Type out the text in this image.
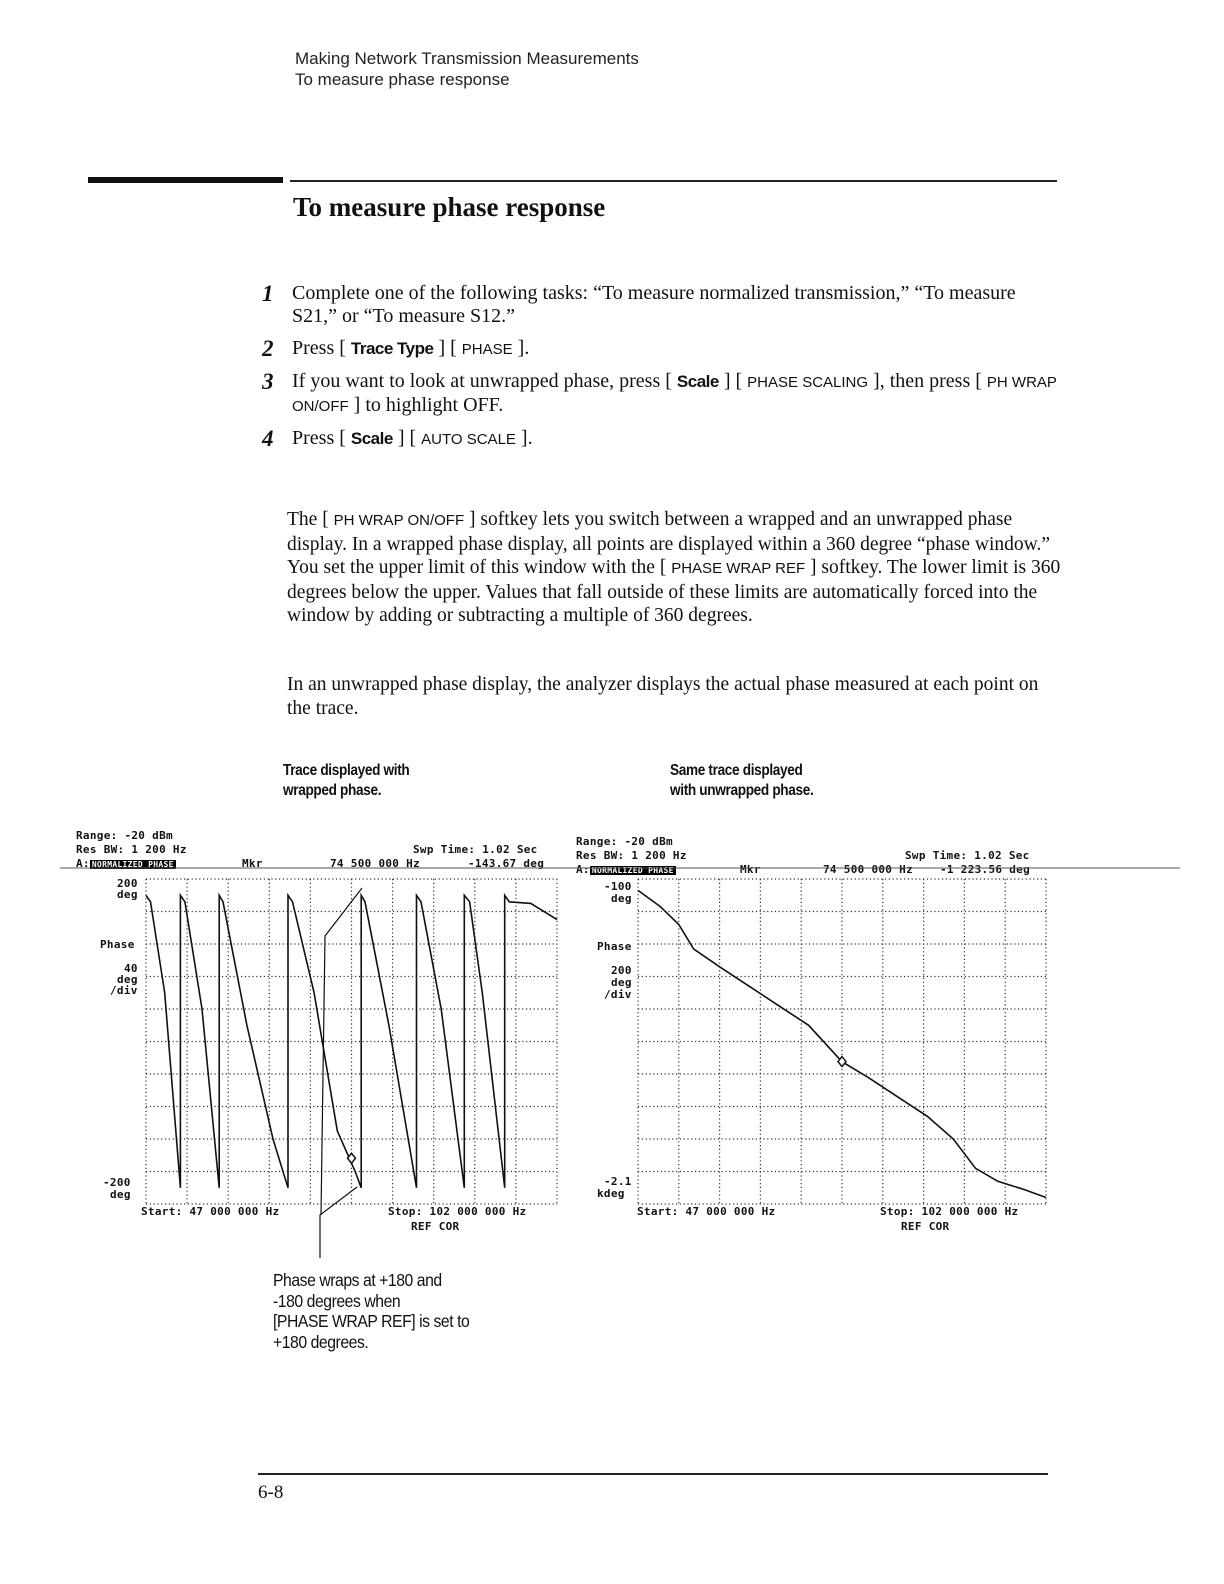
Making Network Transmission Measurements
To measure phase response
To measure phase response
1 Complete one of the following tasks: “To measure normalized transmission,” “To measure S21,” or “To measure S12.”
2 Press [ Trace Type ] [ PHASE ].
3 If you want to look at unwrapped phase, press [ Scale ] [ PHASE SCALING ], then press [ PH WRAP ON/OFF ] to highlight OFF.
4 Press [ Scale ] [ AUTO SCALE ].
The [ PH WRAP ON/OFF ] softkey lets you switch between a wrapped and an unwrapped phase display. In a wrapped phase display, all points are displayed within a 360 degree “phase window.” You set the upper limit of this window with the [ PHASE WRAP REF ] softkey. The lower limit is 360 degrees below the upper. Values that fall outside of these limits are automatically forced into the window by adding or subtracting a multiple of 360 degrees.
In an unwrapped phase display, the analyzer displays the actual phase measured at each point on the trace.
Trace displayed with
wrapped phase.
Same trace displayed
with unwrapped phase.
Range: -20 dBm
Res BW: 1 200 Hz	Swp Time: 1.02 Sec
A: NORMALIZED PHASE	Mkr	74 500 000 Hz	-143.67 deg
200
deg
Phase
40
deg
/div
-200
deg
Start: 47 000 000 Hz	Stop: 102 000 000 Hz
REF COR
Range: -20 dBm
Res BW: 1 200 Hz	Swp Time: 1.02 Sec
A: NORMALIZED PHASE	Mkr	74 500 000 Hz -1 223.56 deg
-100
deg
Phase
200
deg
/div
-2.1
kdeg
Start: 47 000 000 Hz	Stop: 102 000 000 Hz
REF COR
Phase wraps at +180 and
-180 degrees when
[PHASE WRAP REF] is set to
+180 degrees.
6-8
